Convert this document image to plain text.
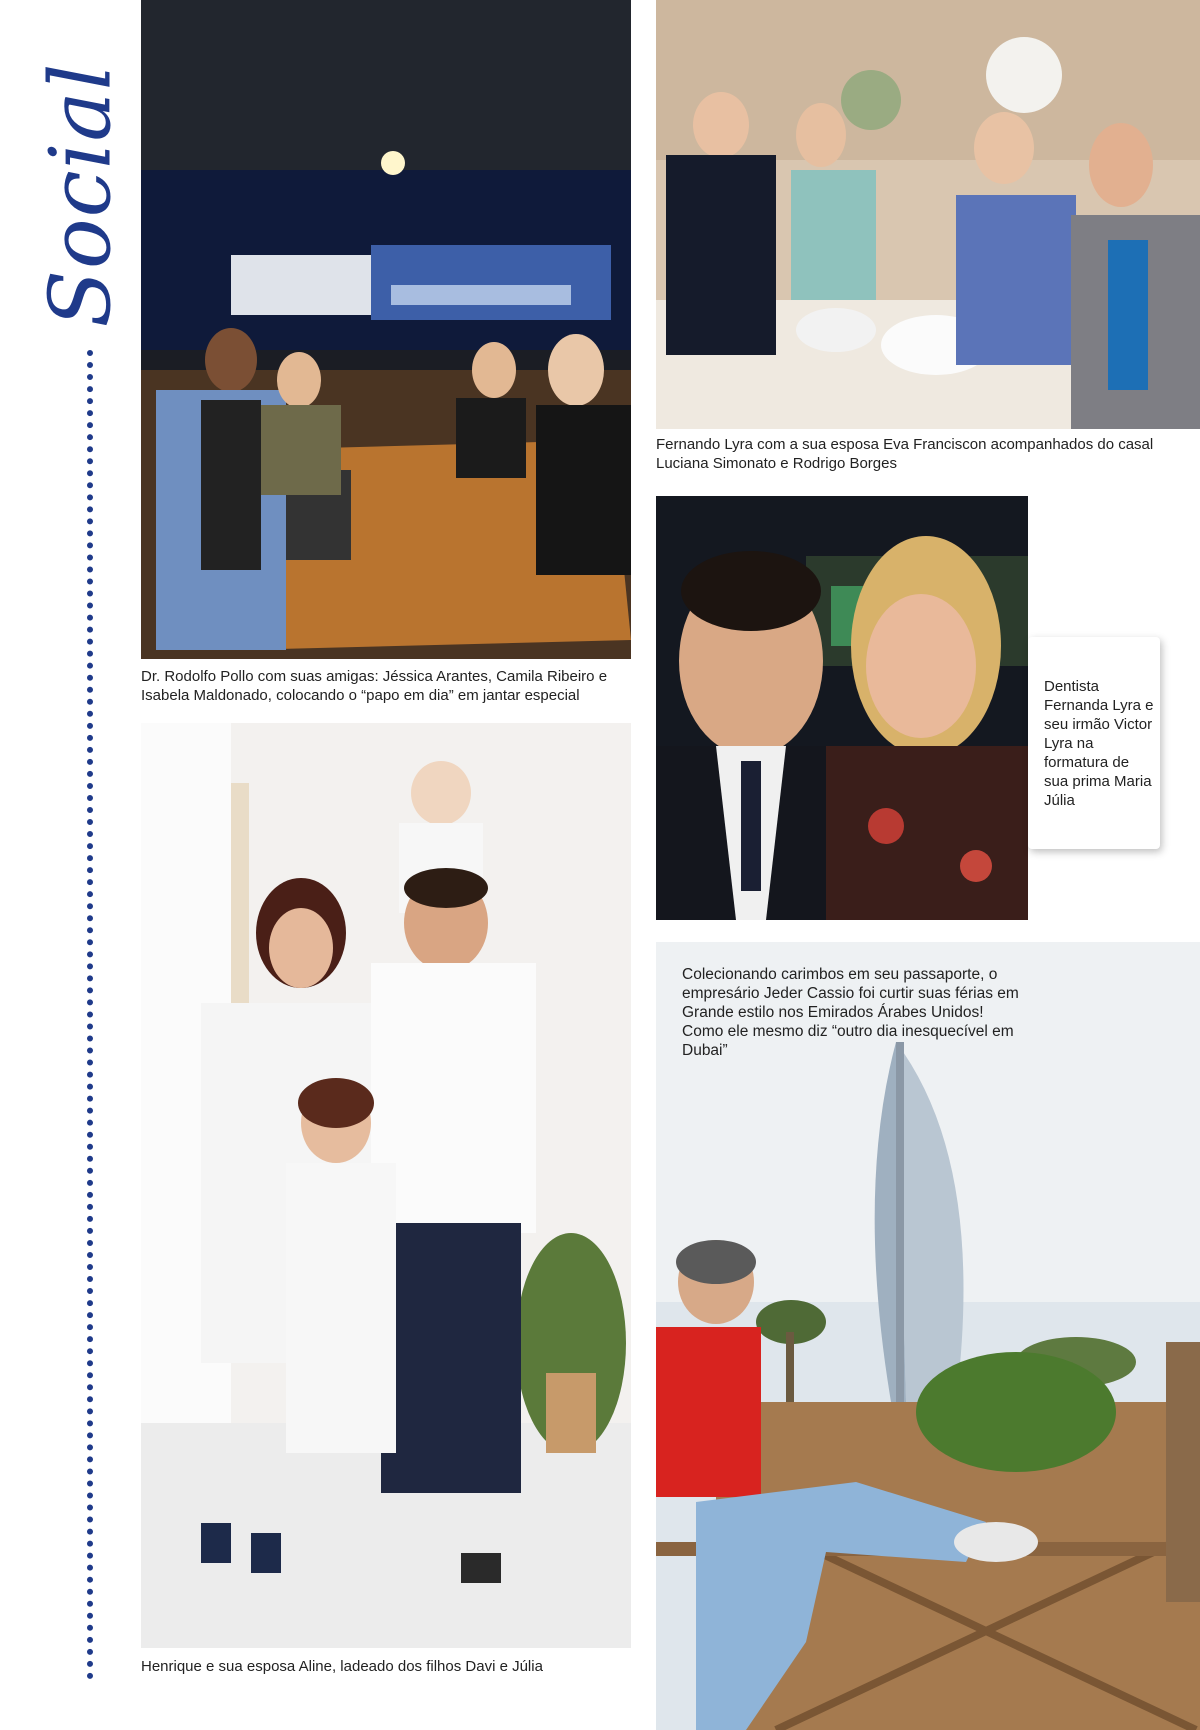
Social
Dr. Rodolfo Pollo com suas amigas: Jéssica Arantes, Camila Ribeiro e Isabela Maldonado, colocando o “papo em dia” em jantar especial
Fernando Lyra com a sua esposa Eva Franciscon acompanhados do casal Luciana Simonato e Rodrigo Borges
Dentista Fernanda Lyra e seu irmão Victor Lyra na formatura de sua prima Maria Júlia
Henrique e sua esposa Aline, ladeado dos filhos Davi e Júlia
Colecionando carimbos em seu passaporte, o empresário Jeder Cassio foi curtir suas férias em Grande estilo nos Emirados Árabes Unidos! Como ele mesmo diz “outro dia inesquecível em Dubai”
